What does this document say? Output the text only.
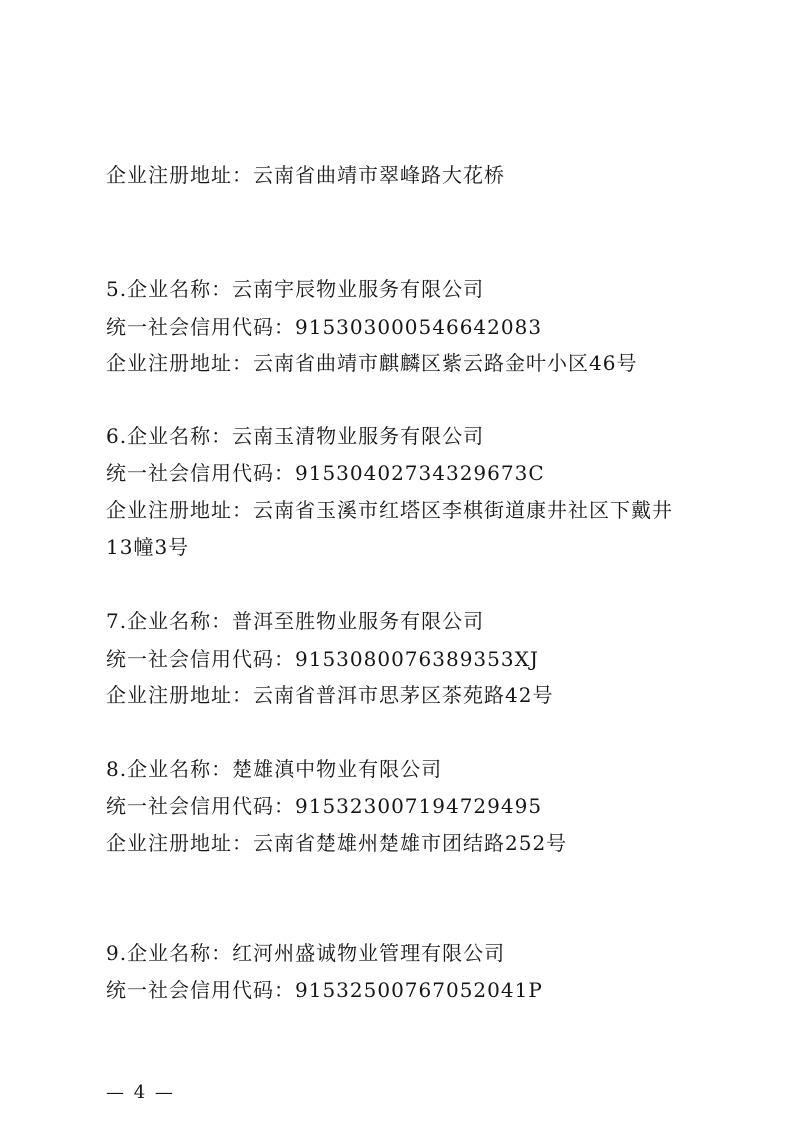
企业注册地址：云南省曲靖市翠峰路大花桥
5.企业名称：云南宇辰物业服务有限公司
统一社会信用代码：915303000546642083
企业注册地址：云南省曲靖市麒麟区紫云路金叶小区46号
6.企业名称：云南玉清物业服务有限公司
统一社会信用代码：91530402734329673C
企业注册地址：云南省玉溪市红塔区李棋街道康井社区下戴井
13幢3号
7.企业名称：普洱至胜物业服务有限公司
统一社会信用代码：9153080076389353XJ
企业注册地址：云南省普洱市思茅区茶苑路42号
8.企业名称：楚雄滇中物业有限公司
统一社会信用代码：915323007194729495
企业注册地址：云南省楚雄州楚雄市团结路252号
9.企业名称：红河州盛诚物业管理有限公司
统一社会信用代码：91532500767052041P
— 4 —
